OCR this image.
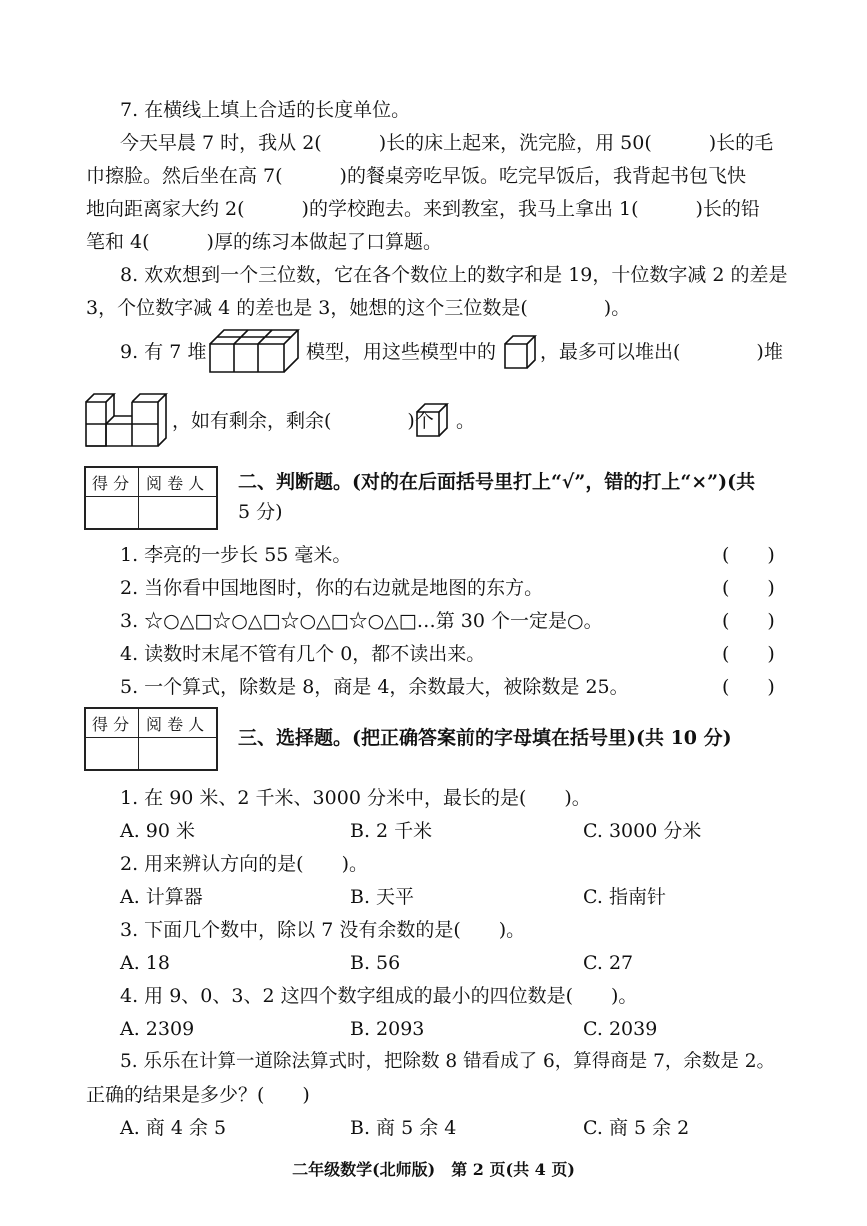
7. 在横线上填上合适的长度单位。
今天早晨 7 时，我从 2(　　　)长的床上起来，洗完脸，用 50(　　　)长的毛
巾擦脸。然后坐在高 7(　　　)的餐桌旁吃早饭。吃完早饭后，我背起书包飞快
地向距离家大约 2(　　　)的学校跑去。来到教室，我马上拿出 1(　　　)长的铅
笔和 4(　　　)厚的练习本做起了口算题。
8. 欢欢想到一个三位数，它在各个数位上的数字和是 19，十位数字减 2 的差是
3，个位数字减 4 的差也是 3，她想的这个三位数是(　　　　)。
9. 有 7 堆	模型，用这些模型中的 ，最多可以堆出(　　　　)堆
，如有剩余，剩余(　　　　)个 。
得 分 阅 卷 人 二、判断题。(对的在后面括号里打上“√”，错的打上“×”)(共
5 分)
1. 李亮的一步长 55 毫米。	(　　)
2. 当你看中国地图时，你的右边就是地图的东方。	(　　)
3. ☆○△□☆○△□☆○△□☆○△□…第 30 个一定是○。	(　　)
4. 读数时末尾不管有几个 0，都不读出来。	(　　)
5. 一个算式，除数是 8，商是 4，余数最大，被除数是 25。	(　　)
得 分 阅 卷 人
三、选择题。(把正确答案前的字母填在括号里)(共 10 分)
1. 在 90 米、2 千米、3000 分米中，最长的是(　　)。
A. 90 米	B. 2 千米	C. 3000 分米
2. 用来辨认方向的是(　　)。
A. 计算器	B. 天平	C. 指南针
3. 下面几个数中，除以 7 没有余数的是(　　)。
A. 18	B. 56	C. 27
4. 用 9、0、3、2 这四个数字组成的最小的四位数是(　　)。
A. 2309	B. 2093	C. 2039
5. 乐乐在计算一道除法算式时，把除数 8 错看成了 6，算得商是 7，余数是 2。
正确的结果是多少？(　　)
A. 商 4 余 5	B. 商 5 余 4	C. 商 5 余 2
二年级数学(北师版)　第 2 页(共 4 页)
